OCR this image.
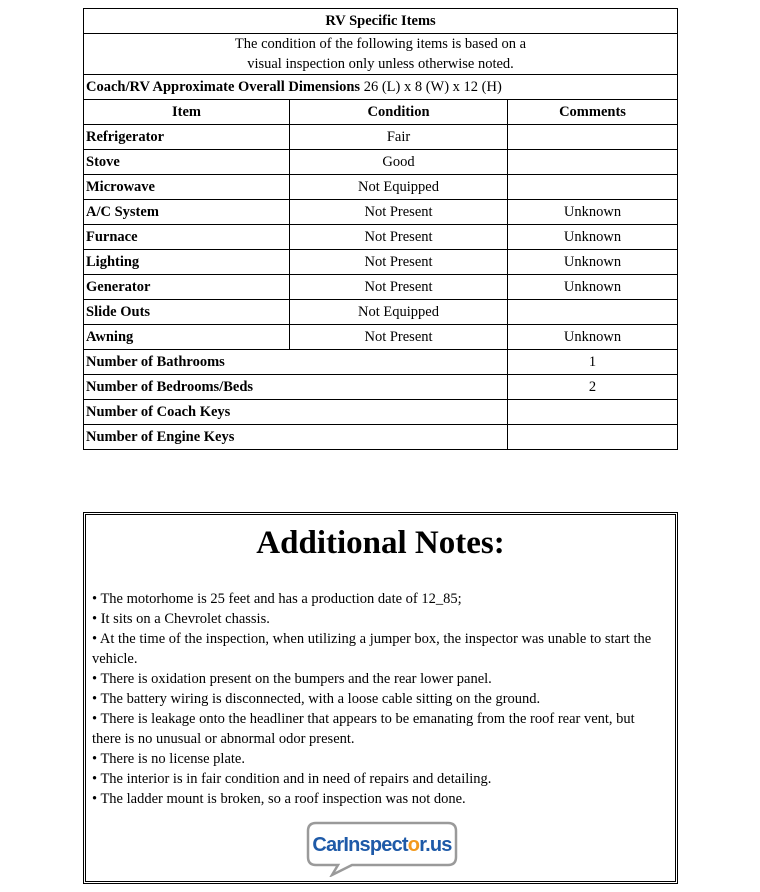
RV Specific Items		
The condition of the following items is based on a
visual inspection only unless otherwise noted.		
Coach/RV Approximate Overall Dimensions 26 (L) x 8 (W) x 12 (H)		
Item	Condition	Comments
Refrigerator	Fair	
Stove	Good	
Microwave	Not Equipped	
A/C System	Not Present	Unknown
Furnace	Not Present	Unknown
Lighting	Not Present	Unknown
Generator	Not Present	Unknown
Slide Outs	Not Equipped	
Awning	Not Present	Unknown
Number of Bathrooms		1
Number of Bedrooms/Beds		2
Number of Coach Keys		
Number of Engine Keys		
Additional Notes:
• The motorhome is 25 feet and has a production date of 12_85;
• It sits on a Chevrolet chassis.
• At the time of the inspection, when utilizing a jumper box, the inspector was unable to start the vehicle.
• There is oxidation present on the bumpers and the rear lower panel.
• The battery wiring is disconnected, with a loose cable sitting on the ground.
• There is leakage onto the headliner that appears to be emanating from the roof rear vent, but there is no unusual or abnormal odor present.
• There is no license plate.
• The interior is in fair condition and in need of repairs and detailing.
• The ladder mount is broken, so a roof inspection was not done.
CarInspector.us
